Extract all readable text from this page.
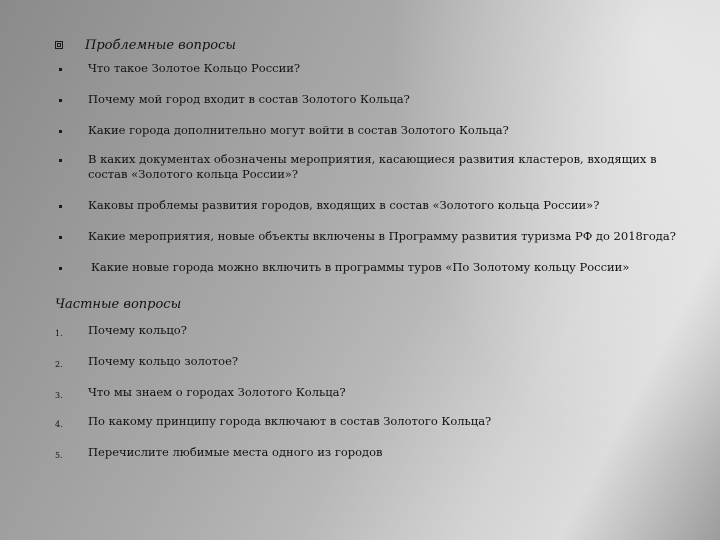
Проблемные вопросы
Что такое Золотое Кольцо России?
Почему мой город входит в состав Золотого Кольца?
Какие города дополнительно могут войти в состав Золотого Кольца?
В каких документах обозначены мероприятия, касающиеся развития кластеров, входящих в состав «Золотого кольца России»?
Каковы проблемы развития городов, входящих в состав «Золотого кольца России»?
Какие мероприятия, новые объекты включены в Программу развития туризма РФ до 2018года?
Какие новые города можно включить в программы туров «По Золотому кольцу России»
Частные вопросы
1. Почему кольцо?
2. Почему кольцо золотое?
3. Что мы знаем о городах Золотого Кольца?
4. По какому принципу города включают в состав Золотого Кольца?
5. Перечислите любимые места одного из городов
